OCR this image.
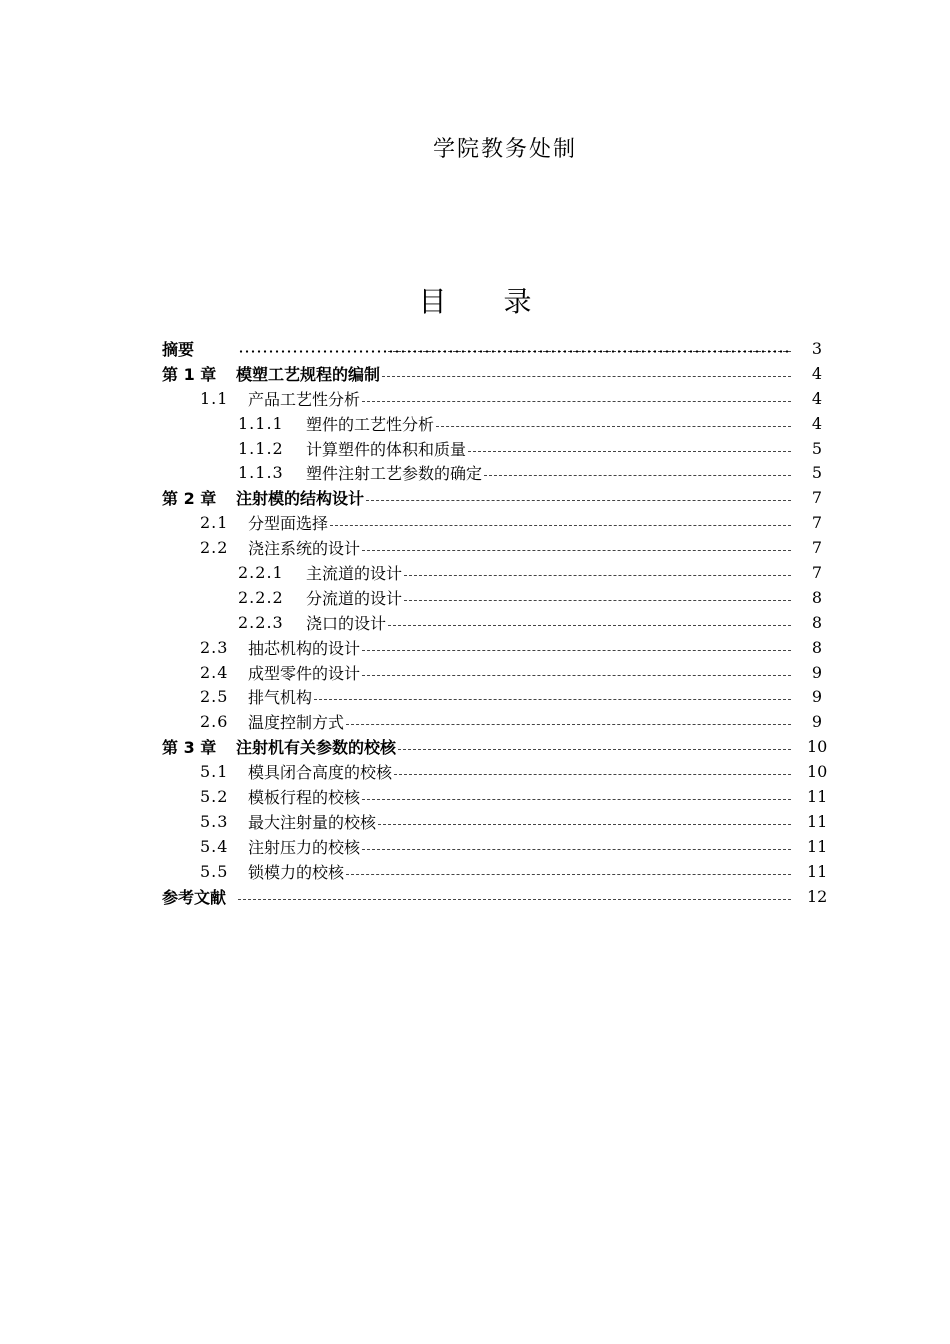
学院教务处制
目 录
摘要	3
第 1 章	模塑工艺规程的编制	4
1.1	产品工艺性分析	4
1.1.1	塑件的工艺性分析	4
1.1.2	计算塑件的体积和质量	5
1.1.3	塑件注射工艺参数的确定	5
第 2 章	注射模的结构设计	7
2.1	分型面选择	7
2.2	浇注系统的设计	7
2.2.1	主流道的设计	7
2.2.2	分流道的设计	8
2.2.3	浇口的设计	8
2.3	抽芯机构的设计	8
2.4	成型零件的设计	9
2.5	排气机构	9
2.6	温度控制方式	9
第 3 章	注射机有关参数的校核	10
5.1	模具闭合高度的校核	10
5.2	模板行程的校核	11
5.3	最大注射量的校核	11
5.4	注射压力的校核	11
5.5	锁模力的校核	11
参考文献	12
